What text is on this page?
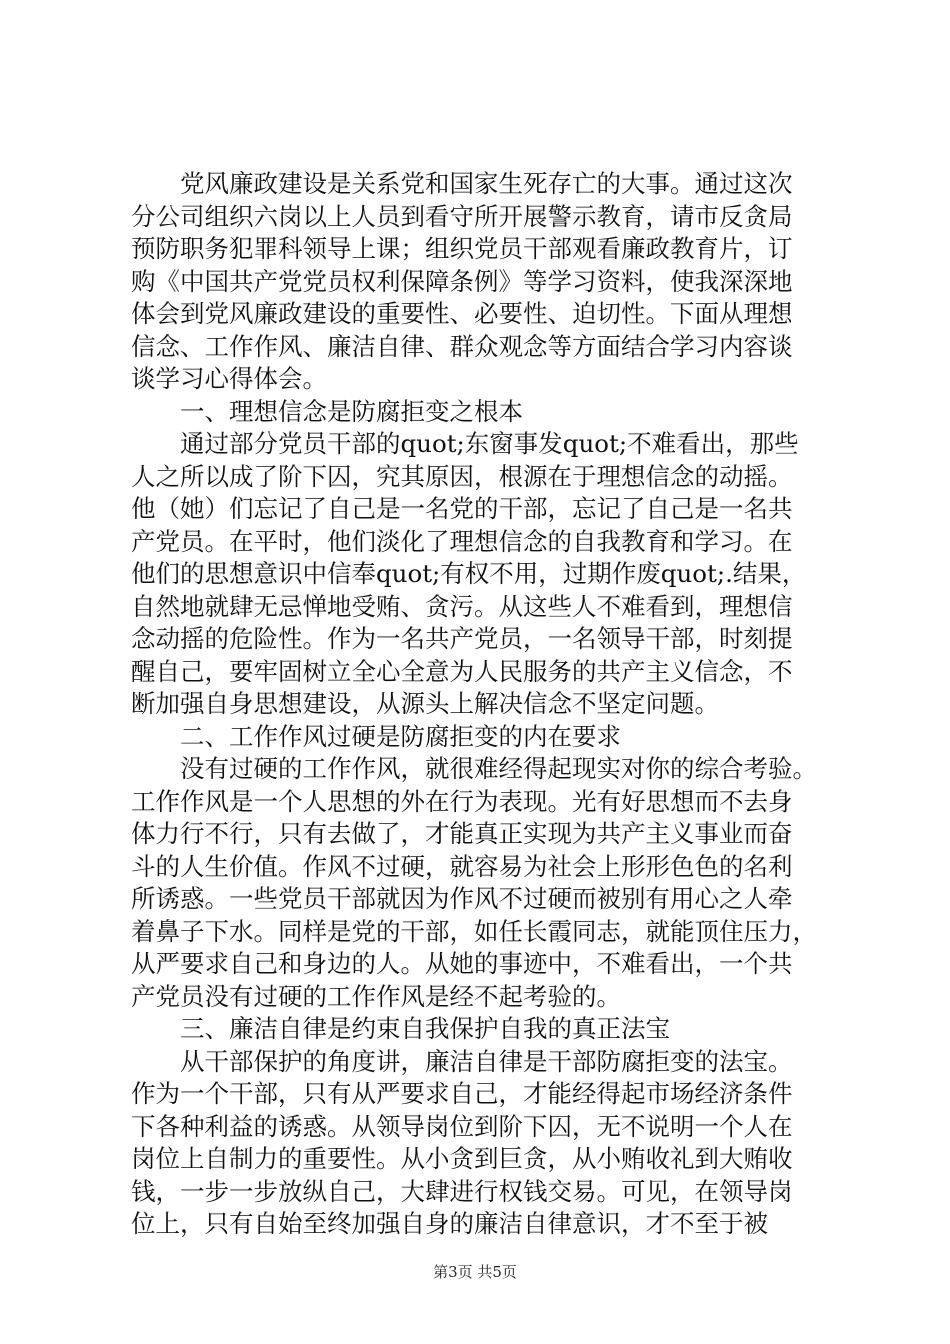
　　党风廉政建设是关系党和国家生死存亡的大事。通过这次
分公司组织六岗以上人员到看守所开展警示教育，请市反贪局
预防职务犯罪科领导上课；组织党员干部观看廉政教育片，订
购《中国共产党党员权利保障条例》等学习资料，使我深深地
体会到党风廉政建设的重要性、必要性、迫切性。下面从理想
信念、工作作风、廉洁自律、群众观念等方面结合学习内容谈
谈学习心得体会。
　　一、理想信念是防腐拒变之根本
　　通过部分党员干部的quot;东窗事发quot;不难看出，那些
人之所以成了阶下囚，究其原因，根源在于理想信念的动摇。
他（她）们忘记了自己是一名党的干部，忘记了自己是一名共
产党员。在平时，他们淡化了理想信念的自我教育和学习。在
他们的思想意识中信奉quot;有权不用，过期作废quot;.结果，
自然地就肆无忌惮地受贿、贪污。从这些人不难看到，理想信
念动摇的危险性。作为一名共产党员，一名领导干部，时刻提
醒自己，要牢固树立全心全意为人民服务的共产主义信念，不
断加强自身思想建设，从源头上解决信念不坚定问题。
　　二、工作作风过硬是防腐拒变的内在要求
　　没有过硬的工作作风，就很难经得起现实对你的综合考验。
工作作风是一个人思想的外在行为表现。光有好思想而不去身
体力行不行，只有去做了，才能真正实现为共产主义事业而奋
斗的人生价值。作风不过硬，就容易为社会上形形色色的名利
所诱惑。一些党员干部就因为作风不过硬而被别有用心之人牵
着鼻子下水。同样是党的干部，如任长霞同志，就能顶住压力，
从严要求自己和身边的人。从她的事迹中，不难看出，一个共
产党员没有过硬的工作作风是经不起考验的。
　　三、廉洁自律是约束自我保护自我的真正法宝
　　从干部保护的角度讲，廉洁自律是干部防腐拒变的法宝。
作为一个干部，只有从严要求自己，才能经得起市场经济条件
下各种利益的诱惑。从领导岗位到阶下囚，无不说明一个人在
岗位上自制力的重要性。从小贪到巨贪，从小贿收礼到大贿收
钱，一步一步放纵自己，大肆进行权钱交易。可见，在领导岗
位上，只有自始至终加强自身的廉洁自律意识，才不至于被
第3页 共5页
